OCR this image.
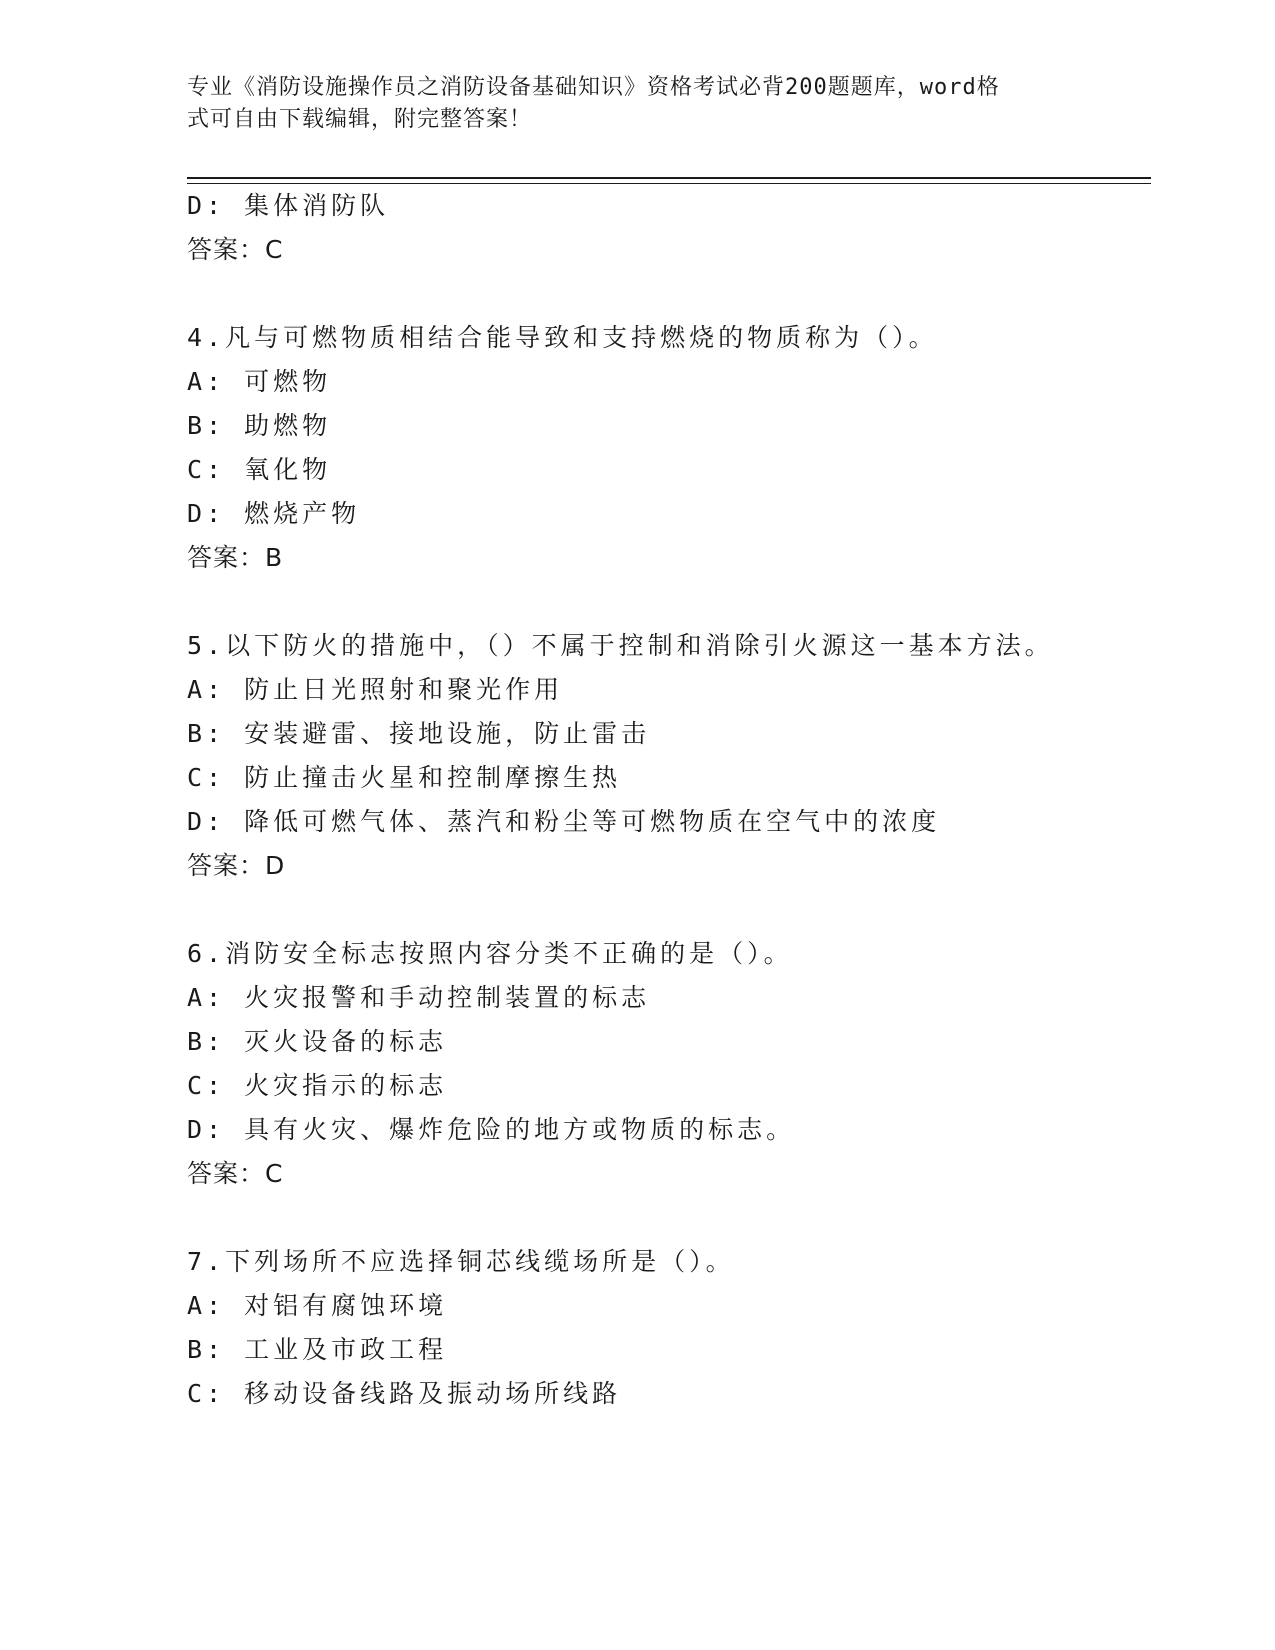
专业《消防设施操作员之消防设备基础知识》资格考试必背200题题库，word格
式可自由下载编辑，附完整答案！
D: 集体消防队
答案：C
4.凡与可燃物质相结合能导致和支持燃烧的物质称为（）。
A: 可燃物
B: 助燃物
C: 氧化物
D: 燃烧产物
答案：B
5.以下防火的措施中，（）不属于控制和消除引火源这一基本方法。
A: 防止日光照射和聚光作用
B: 安装避雷、接地设施，防止雷击
C: 防止撞击火星和控制摩擦生热
D: 降低可燃气体、蒸汽和粉尘等可燃物质在空气中的浓度
答案：D
6.消防安全标志按照内容分类不正确的是（）。
A: 火灾报警和手动控制装置的标志
B: 灭火设备的标志
C: 火灾指示的标志
D: 具有火灾、爆炸危险的地方或物质的标志。
答案：C
7.下列场所不应选择铜芯线缆场所是（）。
A: 对铝有腐蚀环境
B: 工业及市政工程
C: 移动设备线路及振动场所线路
